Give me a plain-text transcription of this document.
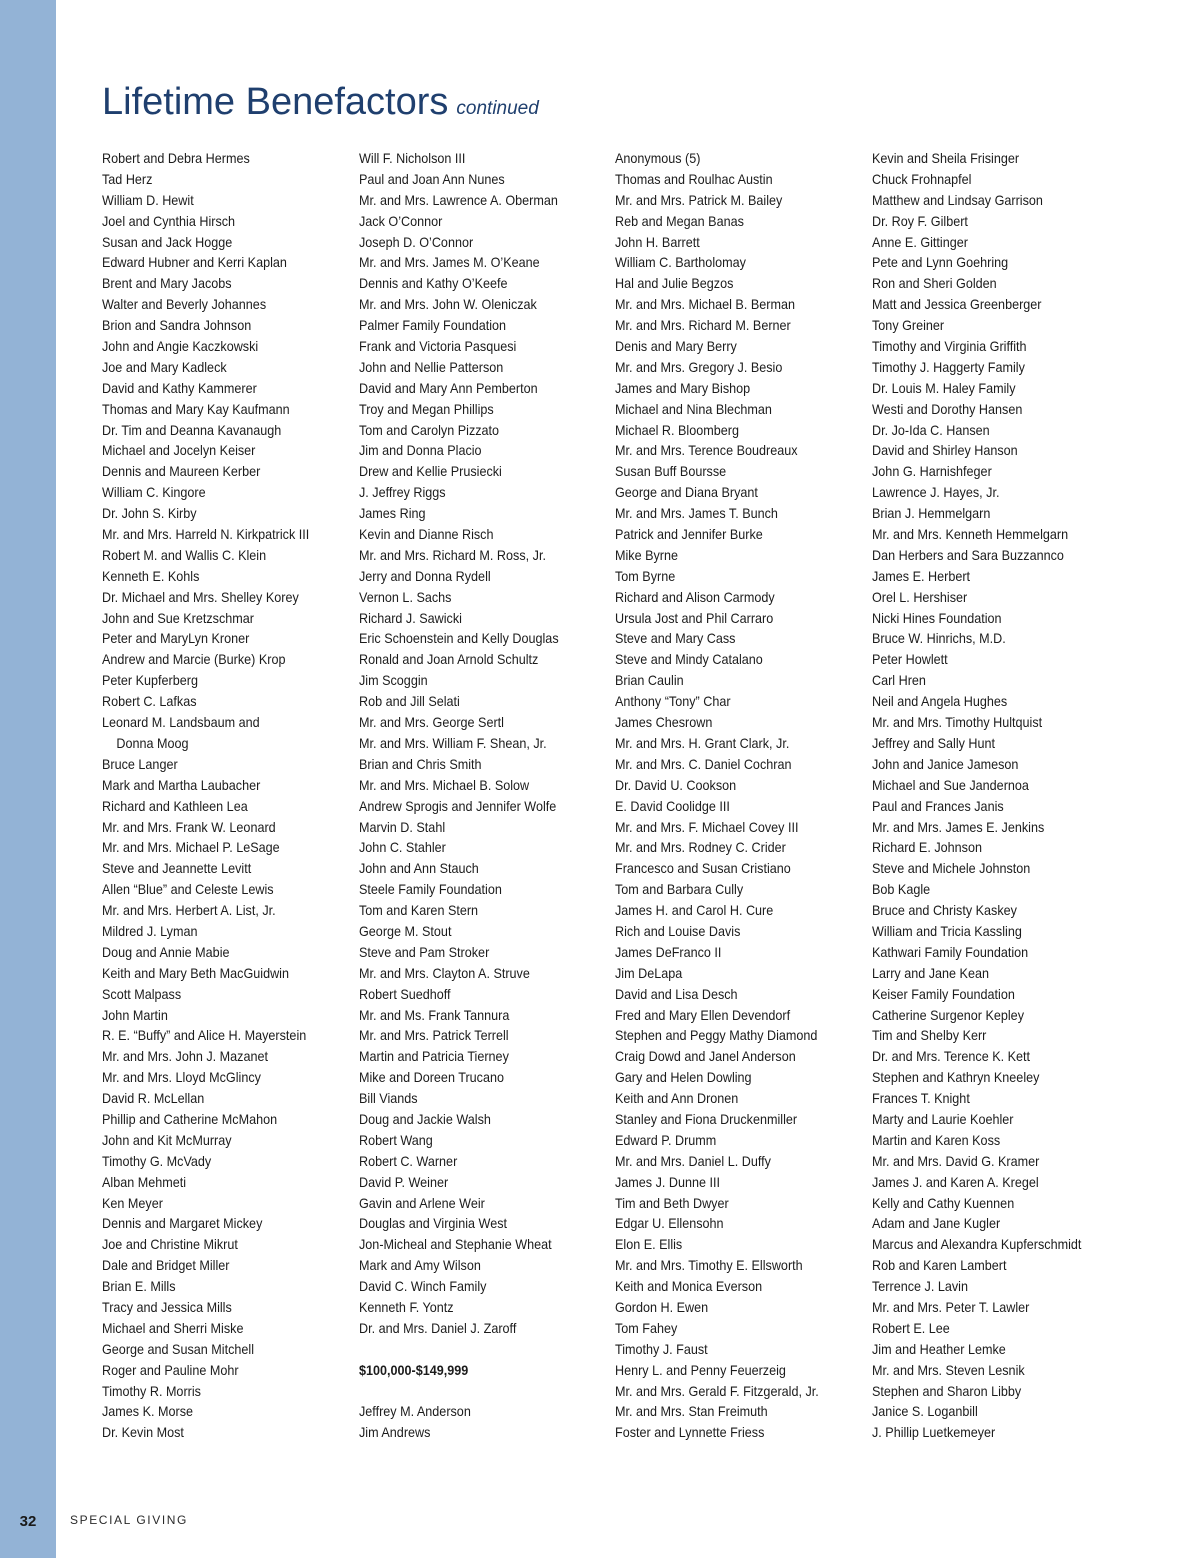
Lifetime Benefactors continued
Robert and Debra Hermes
Tad Herz
William D. Hewit
Joel and Cynthia Hirsch
Susan and Jack Hogge
Edward Hubner and Kerri Kaplan
Brent and Mary Jacobs
Walter and Beverly Johannes
Brion and Sandra Johnson
John and Angie Kaczkowski
Joe and Mary Kadleck
David and Kathy Kammerer
Thomas and Mary Kay Kaufmann
Dr. Tim and Deanna Kavanaugh
Michael and Jocelyn Keiser
Dennis and Maureen Kerber
William C. Kingore
Dr. John S. Kirby
Mr. and Mrs. Harreld N. Kirkpatrick III
Robert M. and Wallis C. Klein
Kenneth E. Kohls
Dr. Michael and Mrs. Shelley Korey
John and Sue Kretzschmar
Peter and MaryLyn Kroner
Andrew and Marcie (Burke) Krop
Peter Kupferberg
Robert C. Lafkas
Leonard M. Landsbaum and
Donna Moog
Bruce Langer
Mark and Martha Laubacher
Richard and Kathleen Lea
Mr. and Mrs. Frank W. Leonard
Mr. and Mrs. Michael P. LeSage
Steve and Jeannette Levitt
Allen “Blue” and Celeste Lewis
Mr. and Mrs. Herbert A. List, Jr.
Mildred J. Lyman
Doug and Annie Mabie
Keith and Mary Beth MacGuidwin
Scott Malpass
John Martin
R. E. “Buffy” and Alice H. Mayerstein
Mr. and Mrs. John J. Mazanet
Mr. and Mrs. Lloyd McGlincy
David R. McLellan
Phillip and Catherine McMahon
John and Kit McMurray
Timothy G. McVady
Alban Mehmeti
Ken Meyer
Dennis and Margaret Mickey
Joe and Christine Mikrut
Dale and Bridget Miller
Brian E. Mills
Tracy and Jessica Mills
Michael and Sherri Miske
George and Susan Mitchell
Roger and Pauline Mohr
Timothy R. Morris
James K. Morse
Dr. Kevin Most
Will F. Nicholson III
Paul and Joan Ann Nunes
Mr. and Mrs. Lawrence A. Oberman
Jack O’Connor
Joseph D. O’Connor
Mr. and Mrs. James M. O’Keane
Dennis and Kathy O’Keefe
Mr. and Mrs. John W. Oleniczak
Palmer Family Foundation
Frank and Victoria Pasquesi
John and Nellie Patterson
David and Mary Ann Pemberton
Troy and Megan Phillips
Tom and Carolyn Pizzato
Jim and Donna Placio
Drew and Kellie Prusiecki
J. Jeffrey Riggs
James Ring
Kevin and Dianne Risch
Mr. and Mrs. Richard M. Ross, Jr.
Jerry and Donna Rydell
Vernon L. Sachs
Richard J. Sawicki
Eric Schoenstein and Kelly Douglas
Ronald and Joan Arnold Schultz
Jim Scoggin
Rob and Jill Selati
Mr. and Mrs. George Sertl
Mr. and Mrs. William F. Shean, Jr.
Brian and Chris Smith
Mr. and Mrs. Michael B. Solow
Andrew Sprogis and Jennifer Wolfe
Marvin D. Stahl
John C. Stahler
John and Ann Stauch
Steele Family Foundation
Tom and Karen Stern
George M. Stout
Steve and Pam Stroker
Mr. and Mrs. Clayton A. Struve
Robert Suedhoff
Mr. and Ms. Frank Tannura
Mr. and Mrs. Patrick Terrell
Martin and Patricia Tierney
Mike and Doreen Trucano
Bill Viands
Doug and Jackie Walsh
Robert Wang
Robert C. Warner
David P. Weiner
Gavin and Arlene Weir
Douglas and Virginia West
Jon-Micheal and Stephanie Wheat
Mark and Amy Wilson
David C. Winch Family
Kenneth F. Yontz
Dr. and Mrs. Daniel J. Zaroff
$100,000-$149,999
Jeffrey M. Anderson
Jim Andrews
Anonymous (5)
Thomas and Roulhac Austin
Mr. and Mrs. Patrick M. Bailey
Reb and Megan Banas
John H. Barrett
William C. Bartholomay
Hal and Julie Begzos
Mr. and Mrs. Michael B. Berman
Mr. and Mrs. Richard M. Berner
Denis and Mary Berry
Mr. and Mrs. Gregory J. Besio
James and Mary Bishop
Michael and Nina Blechman
Michael R. Bloomberg
Mr. and Mrs. Terence Boudreaux
Susan Buff Boursse
George and Diana Bryant
Mr. and Mrs. James T. Bunch
Patrick and Jennifer Burke
Mike Byrne
Tom Byrne
Richard and Alison Carmody
Ursula Jost and Phil Carraro
Steve and Mary Cass
Steve and Mindy Catalano
Brian Caulin
Anthony “Tony” Char
James Chesrown
Mr. and Mrs. H. Grant Clark, Jr.
Mr. and Mrs. C. Daniel Cochran
Dr. David U. Cookson
E. David Coolidge III
Mr. and Mrs. F. Michael Covey III
Mr. and Mrs. Rodney C. Crider
Francesco and Susan Cristiano
Tom and Barbara Cully
James H. and Carol H. Cure
Rich and Louise Davis
James DeFranco II
Jim DeLapa
David and Lisa Desch
Fred and Mary Ellen Devendorf
Stephen and Peggy Mathy Diamond
Craig Dowd and Janel Anderson
Gary and Helen Dowling
Keith and Ann Dronen
Stanley and Fiona Druckenmiller
Edward P. Drumm
Mr. and Mrs. Daniel L. Duffy
James J. Dunne III
Tim and Beth Dwyer
Edgar U. Ellensohn
Elon E. Ellis
Mr. and Mrs. Timothy E. Ellsworth
Keith and Monica Everson
Gordon H. Ewen
Tom Fahey
Timothy J. Faust
Henry L. and Penny Feuerzeig
Mr. and Mrs. Gerald F. Fitzgerald, Jr.
Mr. and Mrs. Stan Freimuth
Foster and Lynnette Friess
Kevin and Sheila Frisinger
Chuck Frohnapfel
Matthew and Lindsay Garrison
Dr. Roy F. Gilbert
Anne E. Gittinger
Pete and Lynn Goehring
Ron and Sheri Golden
Matt and Jessica Greenberger
Tony Greiner
Timothy and Virginia Griffith
Timothy J. Haggerty Family
Dr. Louis M. Haley Family
Westi and Dorothy Hansen
Dr. Jo-Ida C. Hansen
David and Shirley Hanson
John G. Harnishfeger
Lawrence J. Hayes, Jr.
Brian J. Hemmelgarn
Mr. and Mrs. Kenneth Hemmelgarn
Dan Herbers and Sara Buzzannco
James E. Herbert
Orel L. Hershiser
Nicki Hines Foundation
Bruce W. Hinrichs, M.D.
Peter Howlett
Carl Hren
Neil and Angela Hughes
Mr. and Mrs. Timothy Hultquist
Jeffrey and Sally Hunt
John and Janice Jameson
Michael and Sue Jandernoa
Paul and Frances Janis
Mr. and Mrs. James E. Jenkins
Richard E. Johnson
Steve and Michele Johnston
Bob Kagle
Bruce and Christy Kaskey
William and Tricia Kassling
Kathwari Family Foundation
Larry and Jane Kean
Keiser Family Foundation
Catherine Surgenor Kepley
Tim and Shelby Kerr
Dr. and Mrs. Terence K. Kett
Stephen and Kathryn Kneeley
Frances T. Knight
Marty and Laurie Koehler
Martin and Karen Koss
Mr. and Mrs. David G. Kramer
James J. and Karen A. Kregel
Kelly and Cathy Kuennen
Adam and Jane Kugler
Marcus and Alexandra Kupferschmidt
Rob and Karen Lambert
Terrence J. Lavin
Mr. and Mrs. Peter T. Lawler
Robert E. Lee
Jim and Heather Lemke
Mr. and Mrs. Steven Lesnik
Stephen and Sharon Libby
Janice S. Loganbill
J. Phillip Luetkemeyer
32	SPECIAL GIVING
